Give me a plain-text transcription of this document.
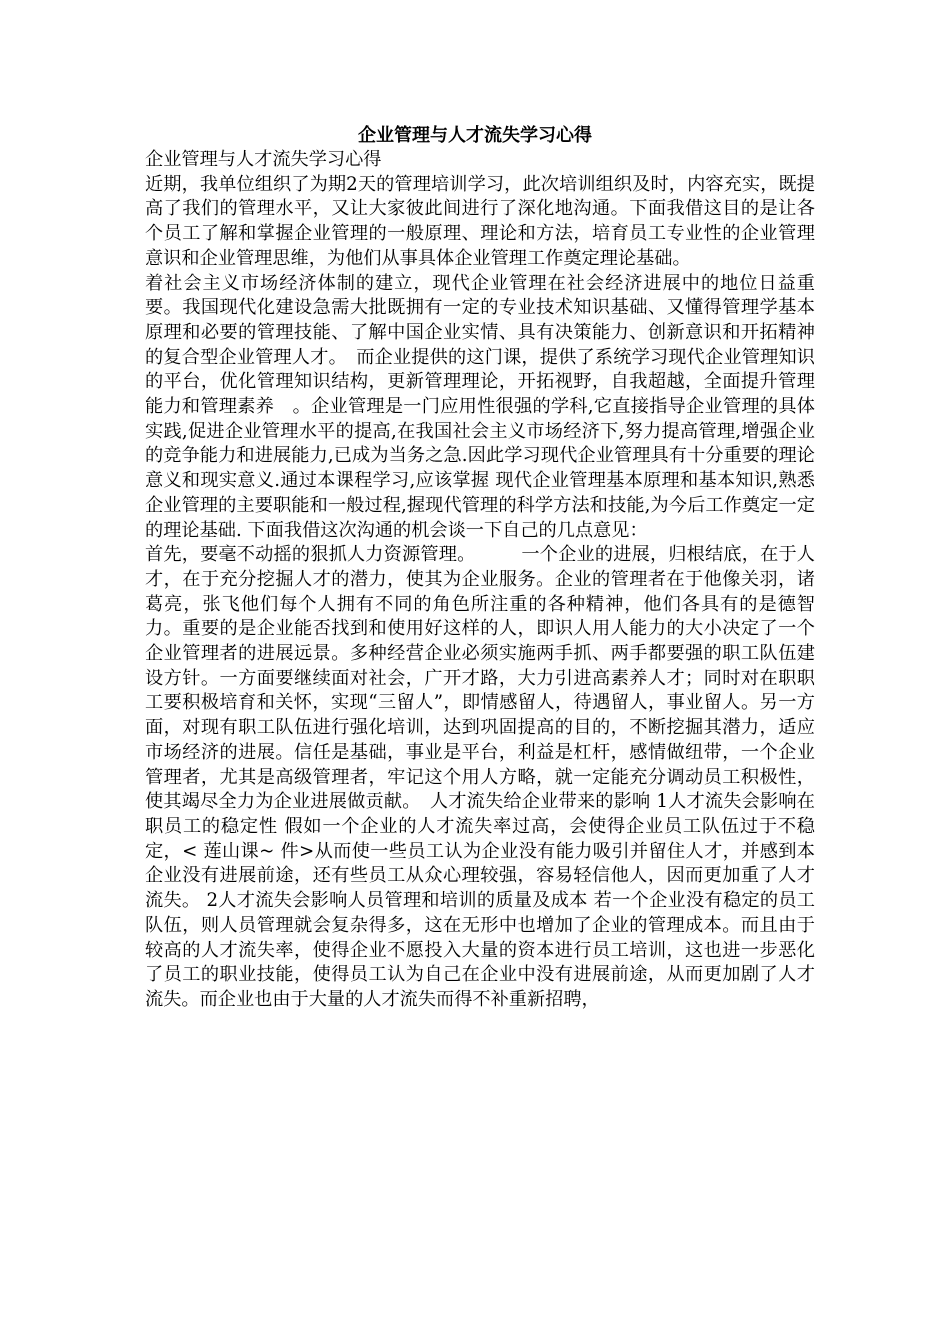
企业管理与人才流失学习心得

企业管理与人才流失学习心得

近期，我单位组织了为期2天的管理培训学习，此次培训组织及时，内容充实，既提高了我们的管理水平，又让大家彼此间进行了深化地沟通。下面我借这目的是让各个员工了解和掌握企业管理的一般原理、理论和方法，培育员工专业性的企业管理意识和企业管理思维，为他们从事具体企业管理工作奠定理论基础。

着社会主义市场经济体制的建立，现代企业管理在社会经济进展中的地位日益重要。我国现代化建设急需大批既拥有一定的专业技术知识基础、又懂得管理学基本原理和必要的管理技能、了解中国企业实情、具有决策能力、创新意识和开拓精神的复合型企业管理人才。　而企业提供的这门课，提供了系统学习现代企业管理知识的平台，优化管理知识结构，更新管理理论，开拓视野，自我超越，全面提升管理能力和管理素养　。企业管理是一门应用性很强的学科,它直接指导企业管理的具体实践,促进企业管理水平的提高,在我国社会主义市场经济下,努力提高管理,增强企业的竞争能力和进展能力,已成为当务之急.因此学习现代企业管理具有十分重要的理论意义和现实意义.通过本课程学习,应该掌握 现代企业管理基本原理和基本知识,熟悉企业管理的主要职能和一般过程,握现代管理的科学方法和技能,为今后工作奠定一定的理论基础. 下面我借这次沟通的机会谈一下自己的几点意见：

首先，要毫不动摇的狠抓人力资源管理。　　　一个企业的进展，归根结底，在于人才，在于充分挖掘人才的潜力，使其为企业服务。企业的管理者在于他像关羽，诸葛亮，张飞他们每个人拥有不同的角色所注重的各种精神，他们各具有的是德智力。重要的是企业能否找到和使用好这样的人，即识人用人能力的大小决定了一个企业管理者的进展远景。多种经营企业必须实施两手抓、两手都要强的职工队伍建设方针。一方面要继续面对社会，广开才路，大力引进高素养人才；同时对在职职工要积极培育和关怀，实现“三留人”，即情感留人，待遇留人，事业留人。另一方面，对现有职工队伍进行强化培训，达到巩固提高的目的，不断挖掘其潜力，适应市场经济的进展。信任是基础，事业是平台，利益是杠杆，感情做纽带，一个企业管理者，尤其是高级管理者，牢记这个用人方略，就一定能充分调动员工积极性，使其竭尽全力为企业进展做贡献。　人才流失给企业带来的影响 1人才流失会影响在职员工的稳定性 假如一个企业的人才流失率过高，会使得企业员工队伍过于不稳定，< 莲山课~ 件>从而使一些员工认为企业没有能力吸引并留住人才，并感到本企业没有进展前途，还有些员工从众心理较强，容易轻信他人，因而更加重了人才流失。 2人才流失会影响人员管理和培训的质量及成本 若一个企业没有稳定的员工队伍，则人员管理就会复杂得多，这在无形中也增加了企业的管理成本。而且由于较高的人才流失率，使得企业不愿投入大量的资本进行员工培训，这也进一步恶化了员工的职业技能，使得员工认为自己在企业中没有进展前途，从而更加剧了人才流失。而企业也由于大量的人才流失而得不补重新招聘，
